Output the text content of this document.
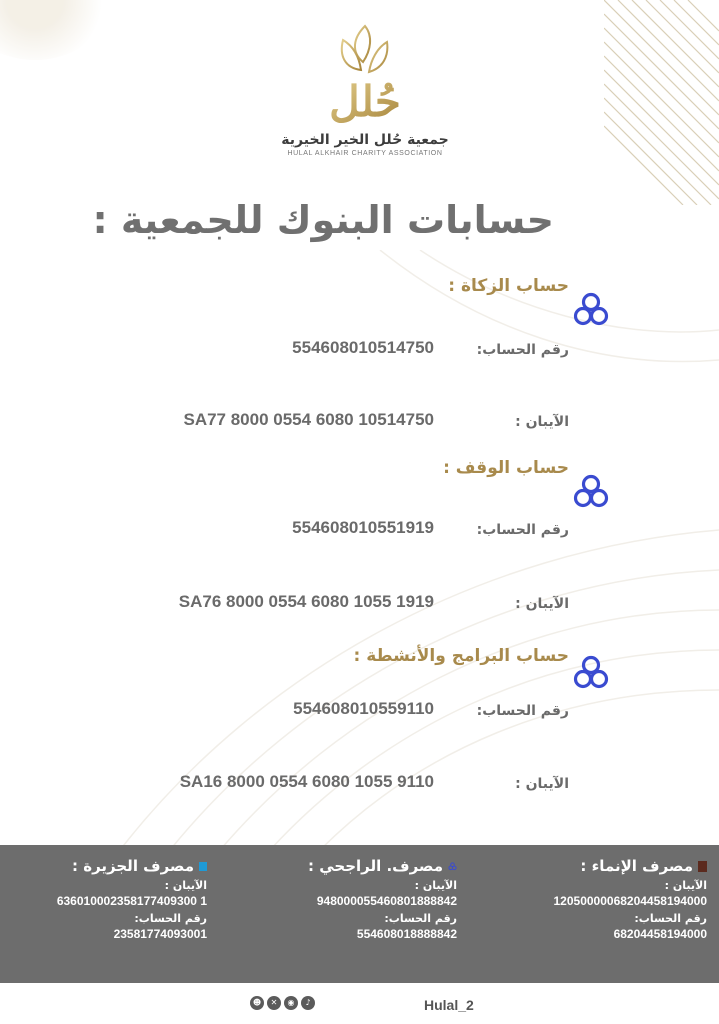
حُلل
جمعية حُلل الخير الخيرية
HULAL ALKHAIR CHARITY ASSOCIATION
حسابات البنوك للجمعية :
حساب الزكاة :
رقم الحساب:
554608010514750
الآيبان :
SA77 8000 0554 6080 10514750
حساب الوقف :
رقم الحساب:
554608010551919
الآيبان :
SA76 8000 0554 6080 1055 1919
حساب البرامج والأنشطة :
رقم الحساب:
554608010559110
الآيبان :
SA16 8000 0554 6080 1055 9110
مصرف الإنماء :
الآيبان :
12050000068204458194000
رقم الحساب:
68204458194000
مصرف. الراجحي :
الآيبان :
948000055460801888842
رقم الحساب:
554608018888842
مصرف الجزيرة :
الآيبان :
636010002358177409300 1
رقم الحساب:
23581774093001
☻	✕	◉	♪	Hulal_2
